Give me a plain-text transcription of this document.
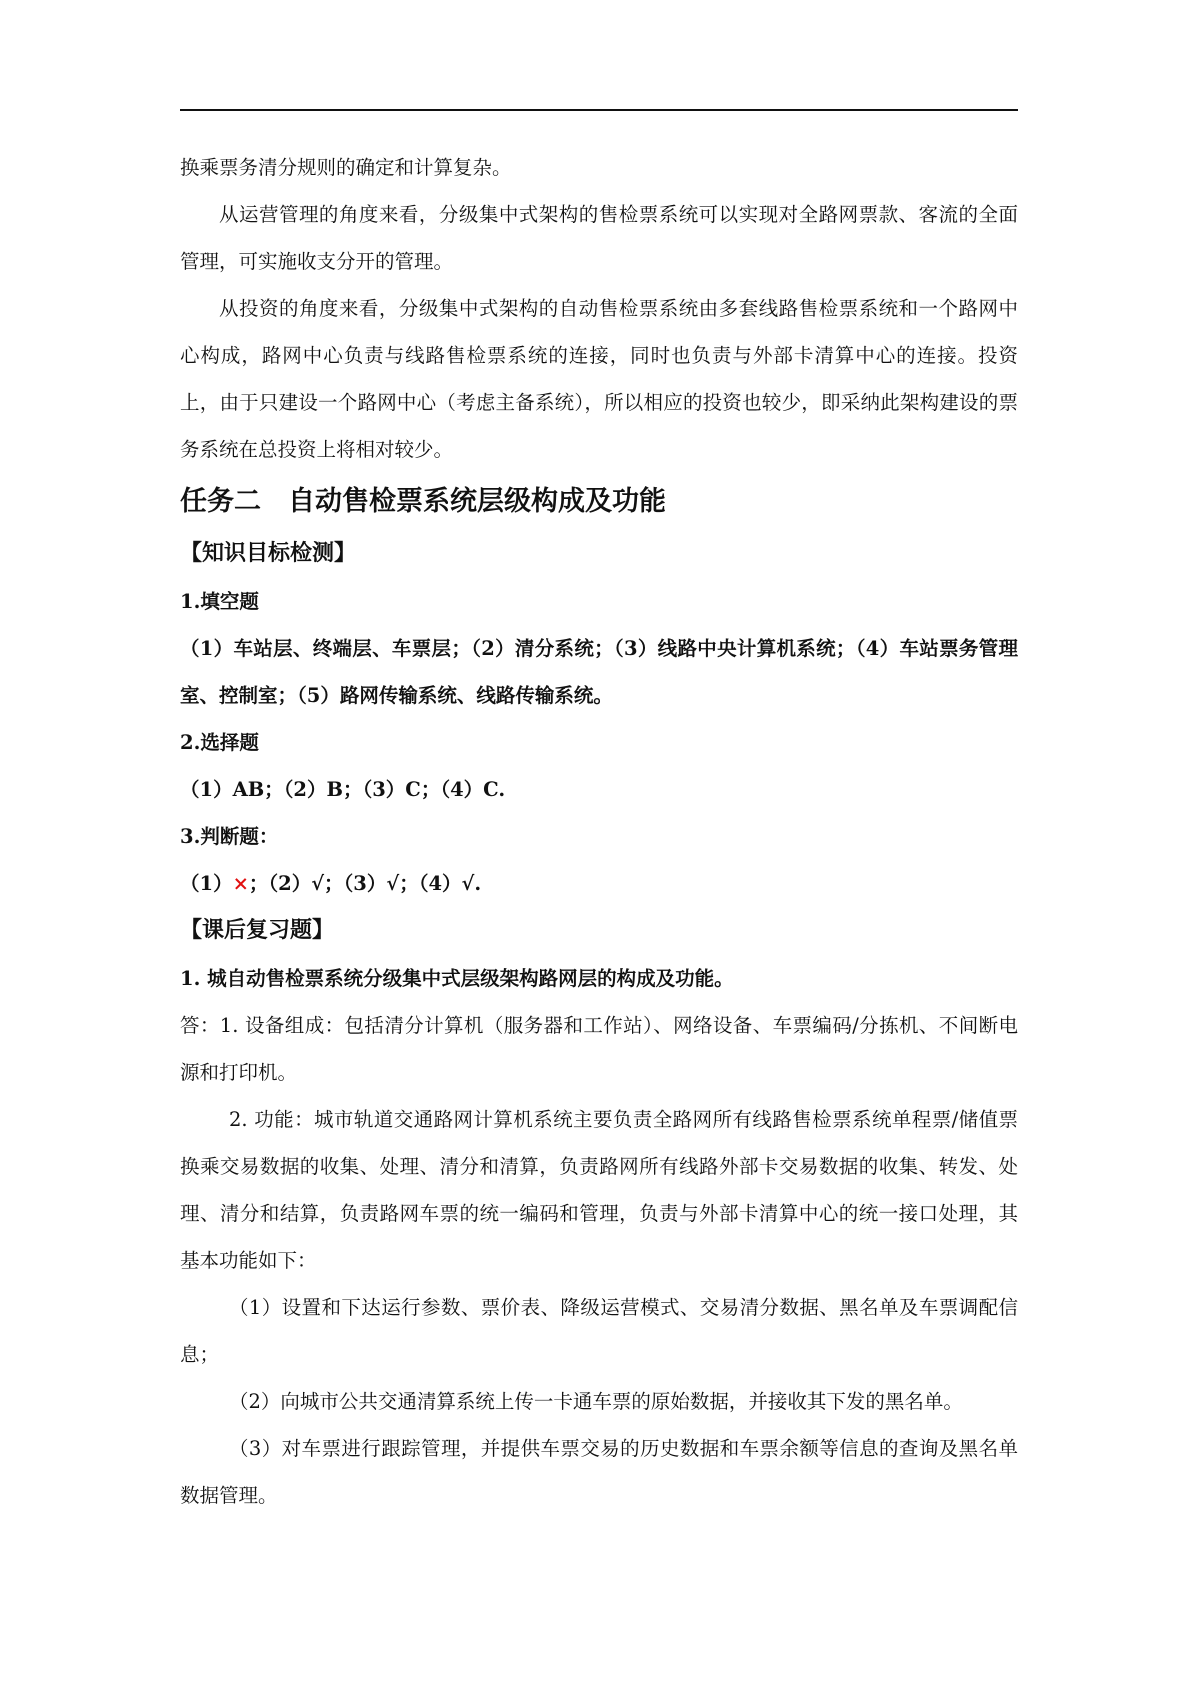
换乘票务清分规则的确定和计算复杂。

从运营管理的角度来看，分级集中式架构的售检票系统可以实现对全路网票款、客流的全面管理，可实施收支分开的管理。

从投资的角度来看，分级集中式架构的自动售检票系统由多套线路售检票系统和一个路网中心构成，路网中心负责与线路售检票系统的连接，同时也负责与外部卡清算中心的连接。投资上，由于只建设一个路网中心（考虑主备系统），所以相应的投资也较少，即采纳此架构建设的票务系统在总投资上将相对较少。

任务二　自动售检票系统层级构成及功能

【知识目标检测】

1.填空题

（1）车站层、终端层、车票层；（2）清分系统；（3）线路中央计算机系统；（4）车站票务管理室、控制室；（5）路网传输系统、线路传输系统。

2.选择题

（1）AB；（2）B；（3）C；（4）C.

3.判断题：

（1）×；（2）√；（3）√；（4）√.

【课后复习题】

1. 城自动售检票系统分级集中式层级架构路网层的构成及功能。

答：1. 设备组成：包括清分计算机（服务器和工作站）、网络设备、车票编码/分拣机、不间断电源和打印机。

2. 功能：城市轨道交通路网计算机系统主要负责全路网所有线路售检票系统单程票/储值票换乘交易数据的收集、处理、清分和清算，负责路网所有线路外部卡交易数据的收集、转发、处理、清分和结算，负责路网车票的统一编码和管理，负责与外部卡清算中心的统一接口处理，其基本功能如下：

（1）设置和下达运行参数、票价表、降级运营模式、交易清分数据、黑名单及车票调配信息；

（2）向城市公共交通清算系统上传一卡通车票的原始数据，并接收其下发的黑名单。

（3）对车票进行跟踪管理，并提供车票交易的历史数据和车票余额等信息的查询及黑名单数据管理。
